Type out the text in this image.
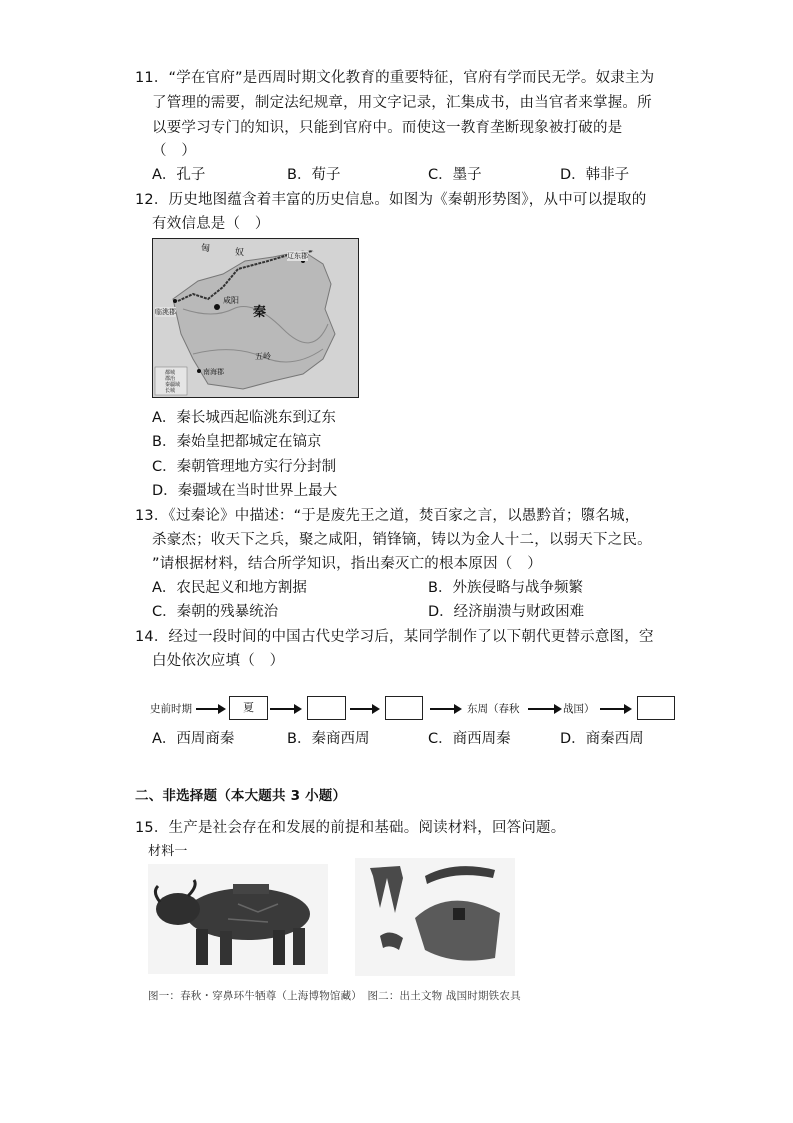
11．“学在官府”是西周时期文化教育的重要特征，官府有学而民无学。奴隶主为
了管理的需要，制定法纪规章，用文字记录，汇集成书，由当官者来掌握。所
以要学习专门的知识，只能到官府中。而使这一教育垄断现象被打破的是
（　）
A．孔子	B．荀子	C．墨子	D．韩非子
12．历史地图蕴含着丰富的历史信息。如图为《秦朝形势图》，从中可以提取的
有效信息是（　）
匈	奴	辽东郡
临洮郡
咸阳
秦
五岭
南海郡
都城
郡治
秦疆域
长城
A．秦长城西起临洮东到辽东
B．秦始皇把都城定在镐京
C．秦朝管理地方实行分封制
D．秦疆域在当时世界上最大
13．《过秦论》中描述：“于是废先王之道，焚百家之言，以愚黔首；隳名城，
杀豪杰；收天下之兵，聚之咸阳，销锋镝，铸以为金人十二，以弱天下之民。
”请根据材料，结合所学知识，指出秦灭亡的根本原因（　）
A．农民起义和地方割据	B．外族侵略与战争频繁
C．秦朝的残暴统治	D．经济崩溃与财政困难
14．经过一段时间的中国古代史学习后，某同学制作了以下朝代更替示意图，空
白处依次应填（　）
史前时期	夏	东周（春秋	战国）
A．西周商秦	B．秦商西周	C．商西周秦	D．商秦西周
二、非选择题（本大题共 3 小题）
15．生产是社会存在和发展的前提和基础。阅读材料，回答问题。
材料一
图一：春秋・穿鼻环牛牺尊（上海博物馆藏）　图二：出土文物 战国时期铁农具
